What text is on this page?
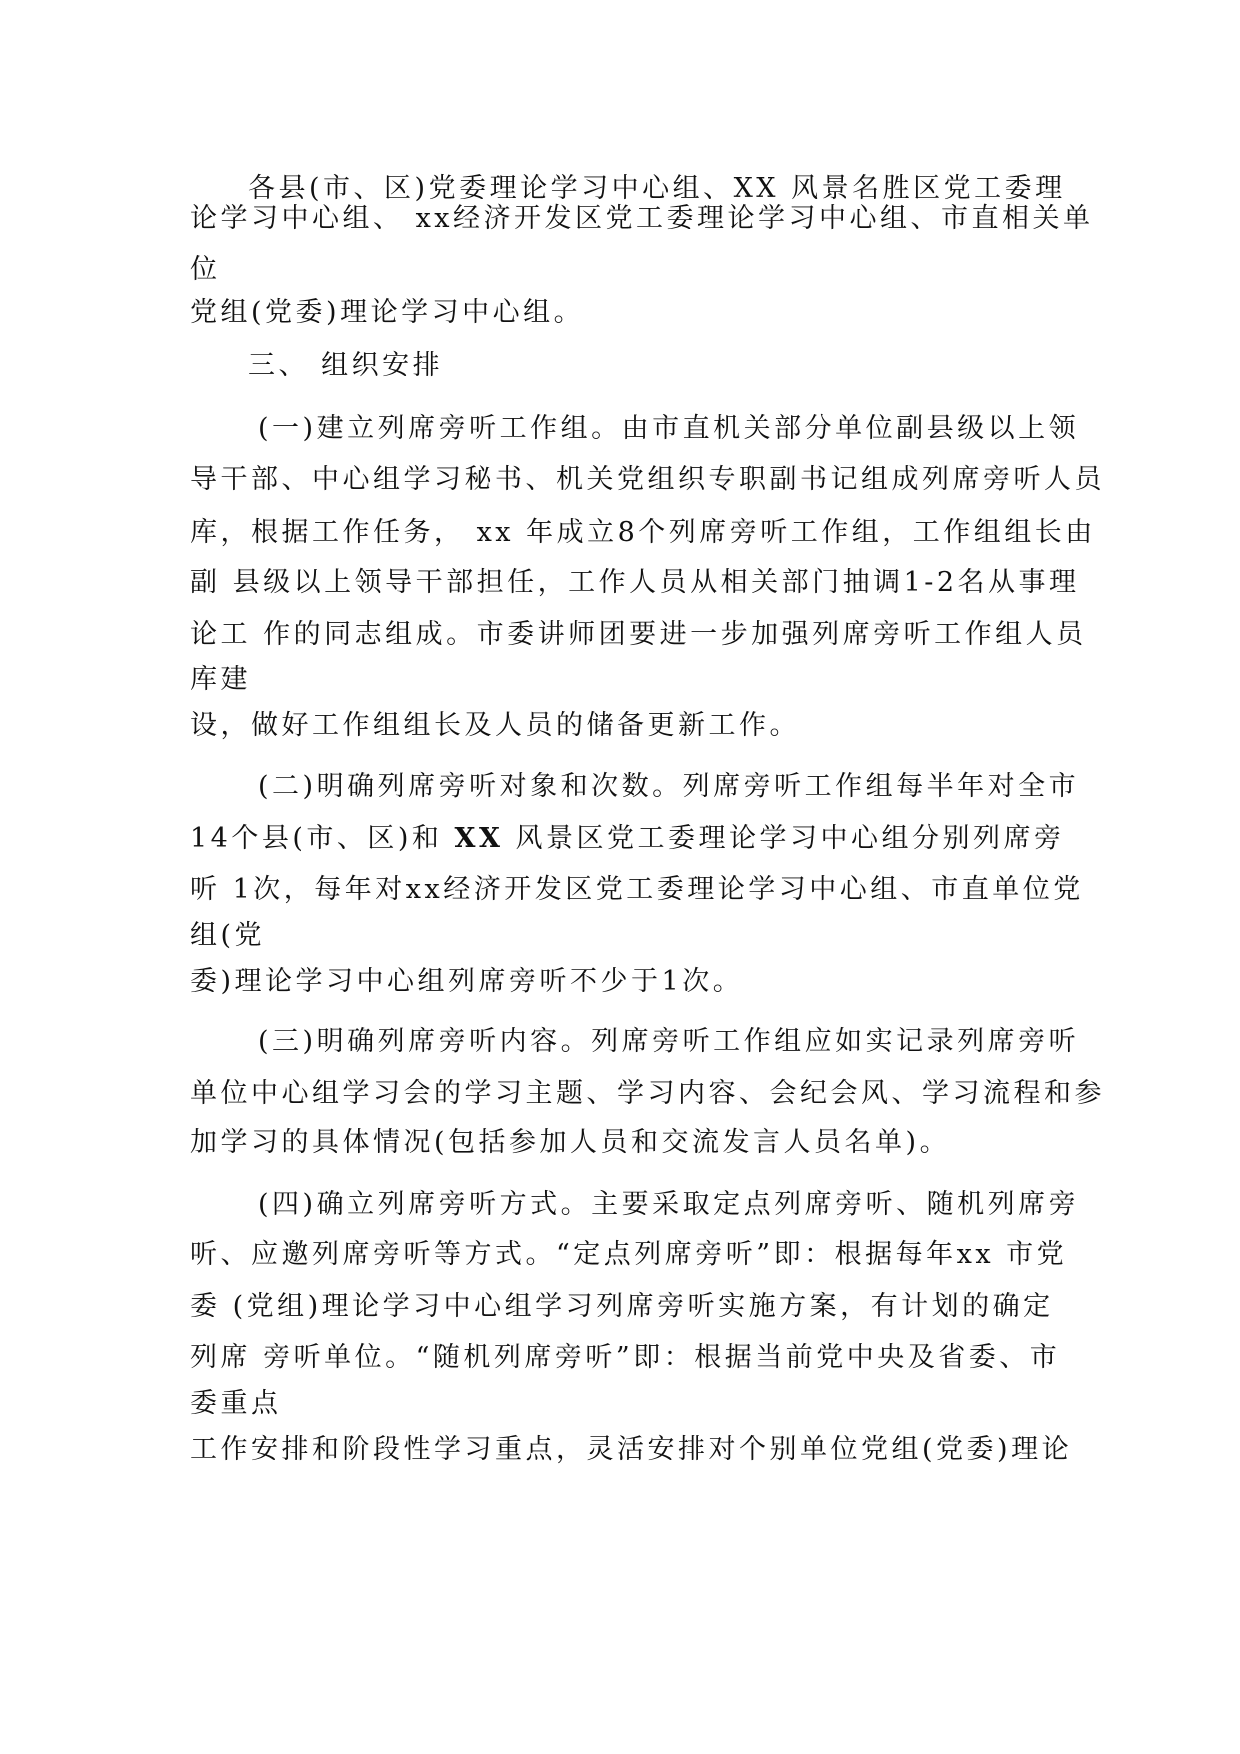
各县(市、区)党委理论学习中心组、XX 风景名胜区党工委理

论学习中心组、 xx经济开发区党工委理论学习中心组、市直相关单

位

党组(党委)理论学习中心组。

三、 组织安排

(一)建立列席旁听工作组。由市直机关部分单位副县级以上领

导干部、中心组学习秘书、机关党组织专职副书记组成列席旁听人员

库，根据工作任务， xx 年成立8个列席旁听工作组，工作组组长由

副 县级以上领导干部担任，工作人员从相关部门抽调1-2名从事理

论工 作的同志组成。市委讲师团要进一步加强列席旁听工作组人员

库建

设，做好工作组组长及人员的储备更新工作。

(二)明确列席旁听对象和次数。列席旁听工作组每半年对全市

14个县(市、区)和 XX 风景区党工委理论学习中心组分别列席旁

听 1次，每年对xx经济开发区党工委理论学习中心组、市直单位党

组(党

委)理论学习中心组列席旁听不少于1次。

(三)明确列席旁听内容。列席旁听工作组应如实记录列席旁听

单位中心组学习会的学习主题、学习内容、会纪会风、学习流程和参

加学习的具体情况(包括参加人员和交流发言人员名单)。

(四)确立列席旁听方式。主要采取定点列席旁听、随机列席旁

听、应邀列席旁听等方式。“定点列席旁听”即：根据每年xx 市党

委 (党组)理论学习中心组学习列席旁听实施方案，有计划的确定

列席 旁听单位。“随机列席旁听”即：根据当前党中央及省委、市

委重点

工作安排和阶段性学习重点，灵活安排对个别单位党组(党委)理论
